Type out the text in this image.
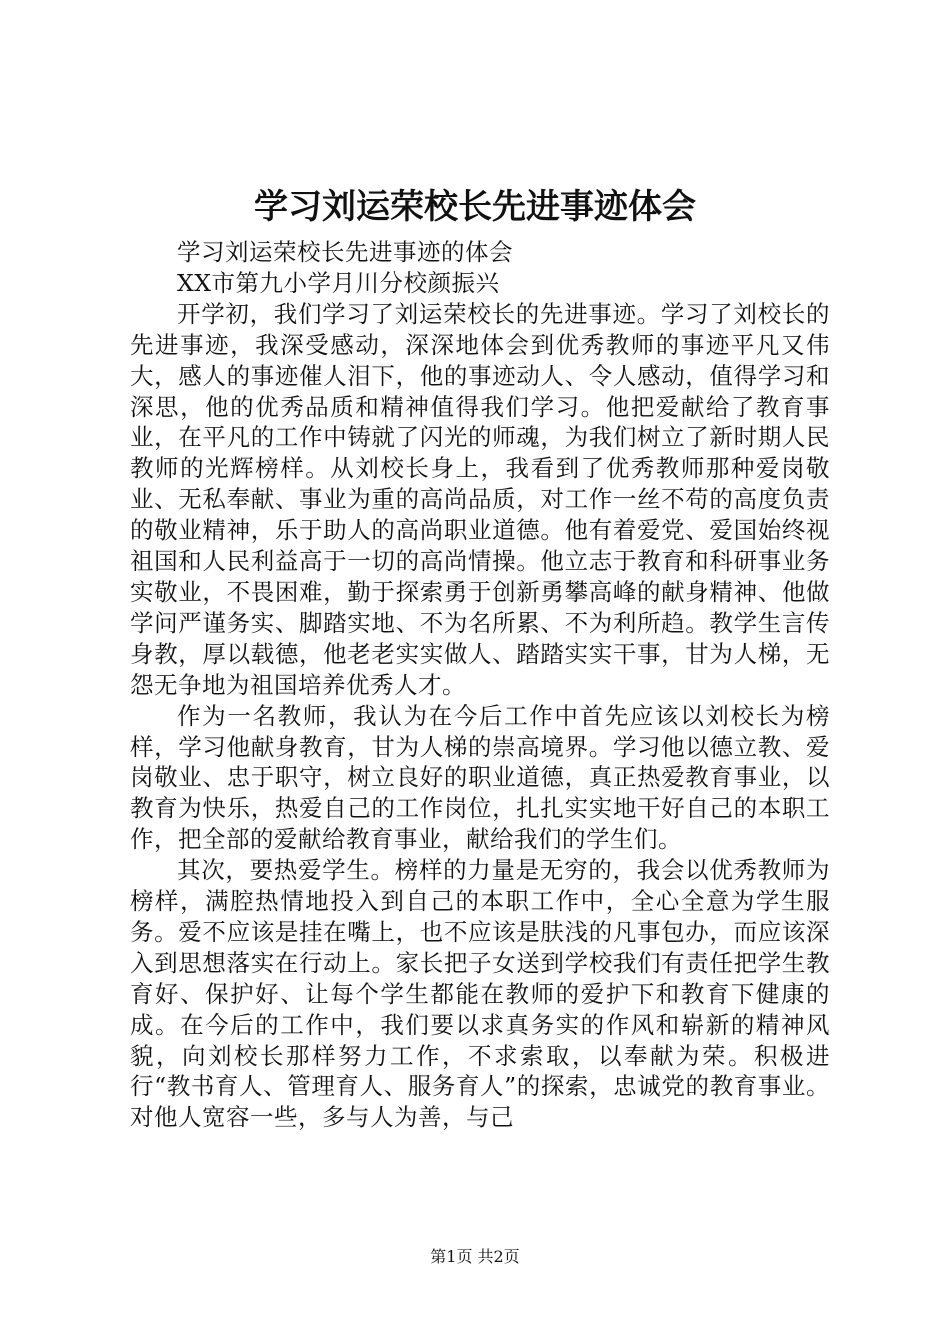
学习刘运荣校长先进事迹体会

学习刘运荣校长先进事迹的体会

XX市第九小学月川分校颜振兴

开学初，我们学习了刘运荣校长的先进事迹。学习了刘校长的先进事迹，我深受感动，深深地体会到优秀教师的事迹平凡又伟大，感人的事迹催人泪下，他的事迹动人、令人感动，值得学习和深思，他的优秀品质和精神值得我们学习。他把爱献给了教育事业，在平凡的工作中铸就了闪光的师魂，为我们树立了新时期人民教师的光辉榜样。从刘校长身上，我看到了优秀教师那种爱岗敬业、无私奉献、事业为重的高尚品质，对工作一丝不苟的高度负责的敬业精神，乐于助人的高尚职业道德。他有着爱党、爱国始终视祖国和人民利益高于一切的高尚情操。他立志于教育和科研事业务实敬业，不畏困难，勤于探索勇于创新勇攀高峰的献身精神、他做学问严谨务实、脚踏实地、不为名所累、不为利所趋。教学生言传身教，厚以载德，他老老实实做人、踏踏实实干事，甘为人梯，无怨无争地为祖国培养优秀人才。

作为一名教师，我认为在今后工作中首先应该以刘校长为榜样，学习他献身教育，甘为人梯的崇高境界。学习他以德立教、爱岗敬业、忠于职守，树立良好的职业道德，真正热爱教育事业，以教育为快乐，热爱自己的工作岗位，扎扎实实地干好自己的本职工作，把全部的爱献给教育事业，献给我们的学生们。

其次，要热爱学生。榜样的力量是无穷的，我会以优秀教师为榜样，满腔热情地投入到自己的本职工作中，全心全意为学生服务。爱不应该是挂在嘴上，也不应该是肤浅的凡事包办，而应该深入到思想落实在行动上。家长把子女送到学校我们有责任把学生教育好、保护好、让每个学生都能在教师的爱护下和教育下健康的成。在今后的工作中，我们要以求真务实的作风和崭新的精神风貌，向刘校长那样努力工作，不求索取，以奉献为荣。积极进行“教书育人、管理育人、服务育人”的探索，忠诚党的教育事业。对他人宽容一些，多与人为善，与己

第1页 共2页
